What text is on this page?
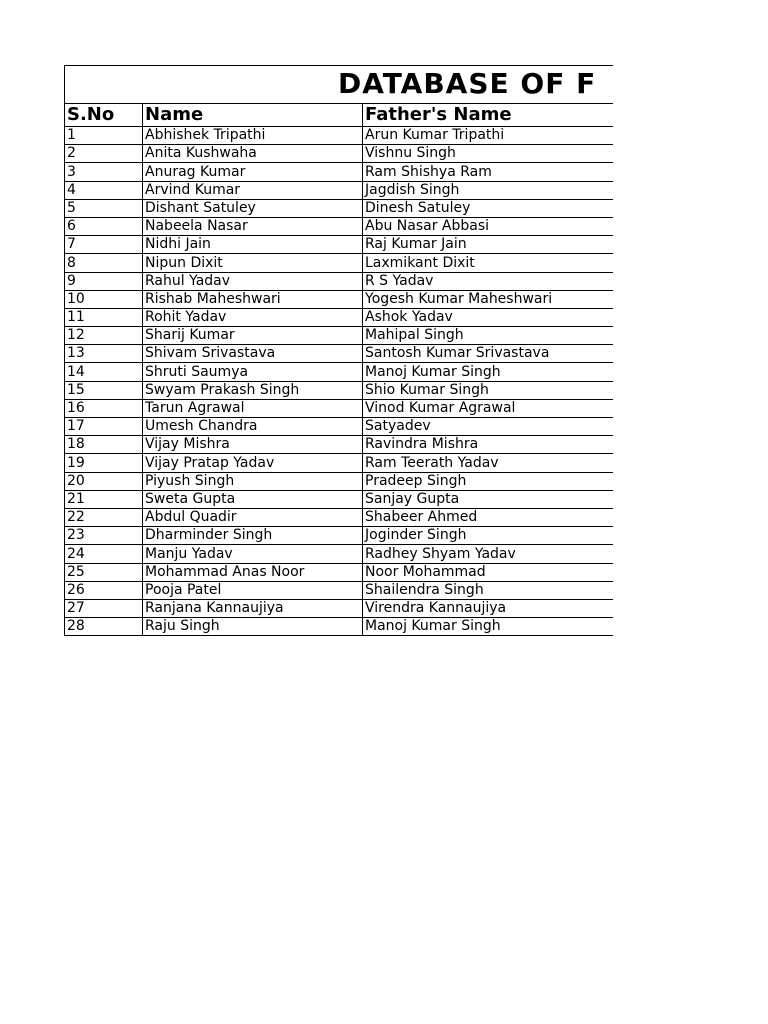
DATABASE OF F
S.No	Name	Father's Name
1	Abhishek Tripathi	Arun Kumar Tripathi
2	Anita Kushwaha	Vishnu Singh
3	Anurag Kumar	Ram Shishya Ram
4	Arvind Kumar	Jagdish Singh
5	Dishant Satuley	Dinesh Satuley
6	Nabeela Nasar	Abu Nasar Abbasi
7	Nidhi Jain	Raj Kumar Jain
8	Nipun Dixit	Laxmikant Dixit
9	Rahul Yadav	R S Yadav
10	Rishab Maheshwari	Yogesh Kumar Maheshwari
11	Rohit Yadav	Ashok Yadav
12	Sharij Kumar	Mahipal Singh
13	Shivam Srivastava	Santosh Kumar Srivastava
14	Shruti Saumya	Manoj Kumar Singh
15	Swyam Prakash Singh	Shio Kumar Singh
16	Tarun Agrawal	Vinod Kumar Agrawal
17	Umesh Chandra	Satyadev
18	Vijay Mishra	Ravindra Mishra
19	Vijay Pratap Yadav	Ram Teerath Yadav
20	Piyush Singh	Pradeep Singh
21	Sweta Gupta	Sanjay Gupta
22	Abdul Quadir	Shabeer Ahmed
23	Dharminder Singh	Joginder Singh
24	Manju Yadav	Radhey Shyam Yadav
25	Mohammad Anas Noor	Noor Mohammad
26	Pooja Patel	Shailendra Singh
27	Ranjana Kannaujiya	Virendra Kannaujiya
28	Raju Singh	Manoj Kumar Singh
